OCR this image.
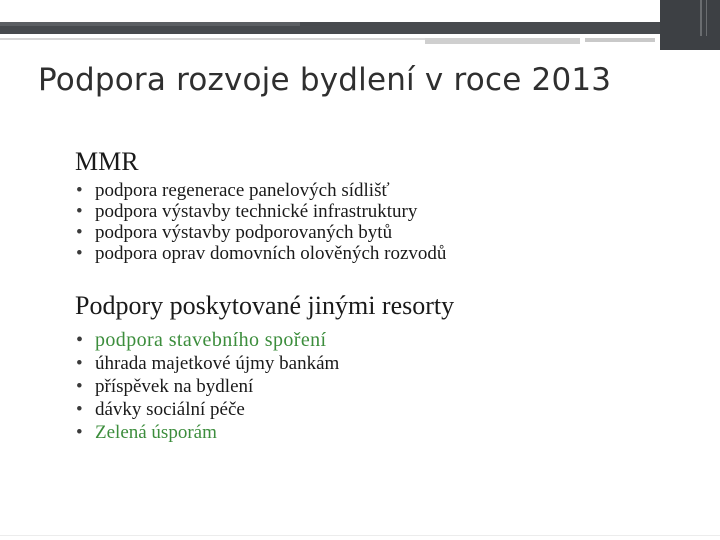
Podpora rozvoje bydlení v roce 2013
MMR
• podpora regenerace panelových sídlišť
• podpora výstavby technické infrastruktury
• podpora výstavby podporovaných bytů
• podpora oprav domovních olověných rozvodů
Podpory poskytované jinými resorty
• podpora stavebního spoření
• úhrada majetkové újmy bankám
• příspěvek na bydlení
• dávky sociální péče
• Zelená úsporám
